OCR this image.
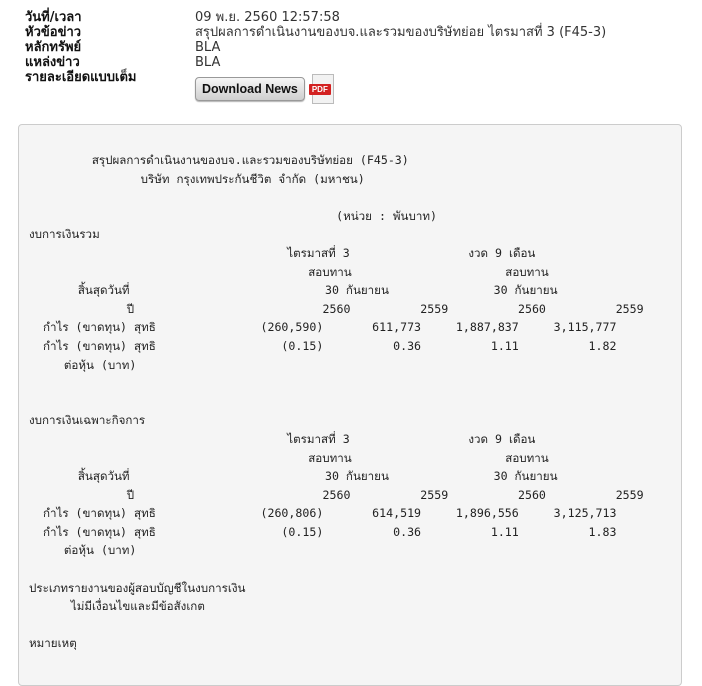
วันที่/เวลา	09 พ.ย. 2560 12:57:58
หัวข้อข่าว	สรุปผลการดำเนินงานของบจ.และรวมของบริษัทย่อย ไตรมาสที่ 3 (F45-3)
หลักทรัพย์	BLA
แหล่งข่าว	BLA
รายละเอียดแบบเต็ม
Download News	PDF
สรุปผลการดำเนินงานของบจ.และรวมของบริษัทย่อย (F45-3)
บริษัท กรุงเทพประกันชีวิต จำกัด (มหาชน)

(หน่วย : พันบาท)
งบการเงินรวม
ไตรมาสที่ 3                 งวด 9 เดือน
สอบทาน                      สอบทาน
สิ้นสุดวันที่                            30 กันยายน               30 กันยายน
ปี                           2560          2559          2560          2559
กำไร (ขาดทุน) สุทธิ               (260,590)       611,773     1,887,837     3,115,777
กำไร (ขาดทุน) สุทธิ                  (0.15)          0.36          1.11          1.82
ต่อหุ้น (บาท)

งบการเงินเฉพาะกิจการ
ไตรมาสที่ 3                 งวด 9 เดือน
สอบทาน                      สอบทาน
สิ้นสุดวันที่                            30 กันยายน               30 กันยายน
ปี                           2560          2559          2560          2559
กำไร (ขาดทุน) สุทธิ               (260,806)       614,519     1,896,556     3,125,713
กำไร (ขาดทุน) สุทธิ                  (0.15)          0.36          1.11          1.83
ต่อหุ้น (บาท)

ประเภทรายงานของผู้สอบบัญชีในงบการเงิน
ไม่มีเงื่อนไขและมีข้อสังเกต

หมายเหตุ
